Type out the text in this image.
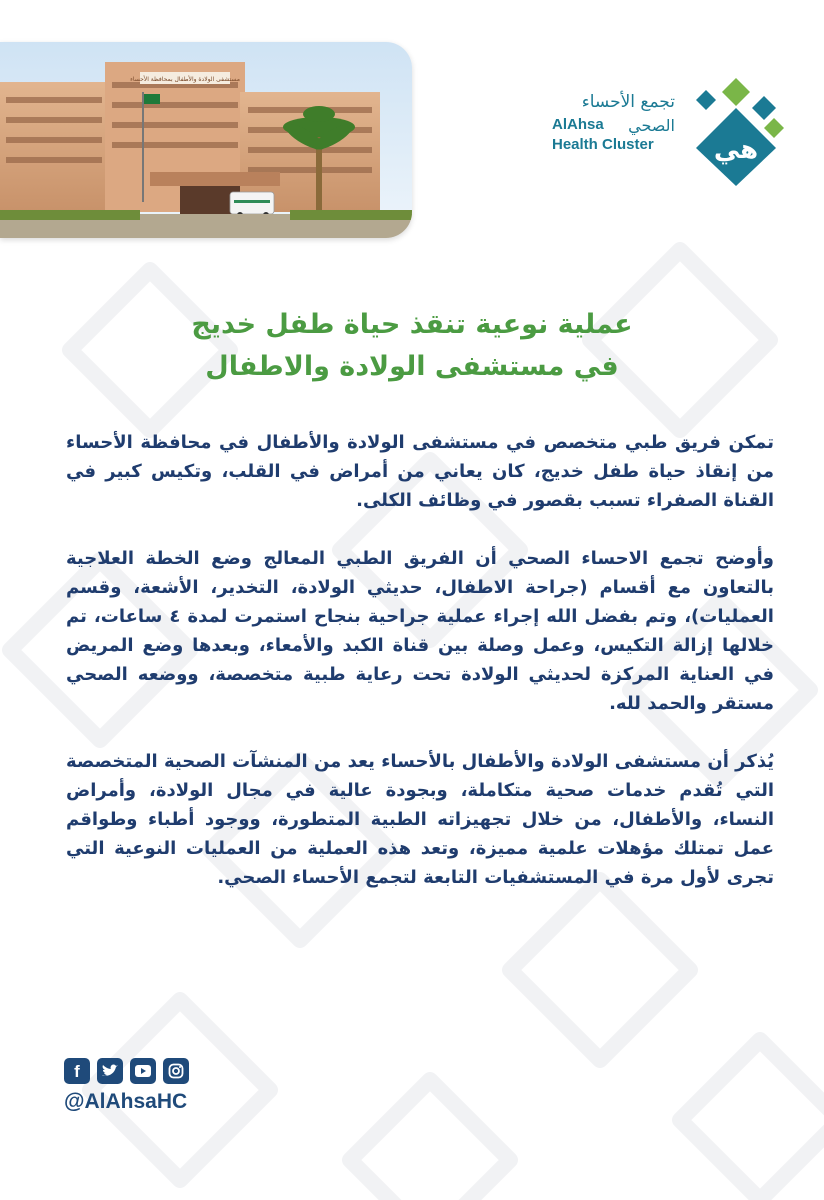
مستشفى الولادة والأطفال بمحافظة الأحساء
تجمع الأحساء
الصحي
AlAhsa
Health Cluster هي
عملية نوعية تنقذ حياة طفل خديج
في مستشفى الولادة والاطفال

تمكن فريق طبي متخصص في مستشفى الولادة والأطفال في محافظة الأحساء من إنقاذ حياة طفل خديج، كان يعاني من أمراض في القلب، وتكيس كبير في القناة الصفراء تسبب بقصور في وظائف الكلى.

وأوضح تجمع الاحساء الصحي أن الفريق الطبي المعالج وضع الخطة العلاجية بالتعاون مع أقسام (جراحة الاطفال، حديثي الولادة، التخدير، الأشعة، وقسم العمليات)، وتم بفضل الله إجراء عملية جراحية بنجاح استمرت لمدة ٤ ساعات، تم خلالها إزالة التكيس، وعمل وصلة بين قناة الكبد والأمعاء، وبعدها وضع المريض في العناية المركزة لحديثي الولادة تحت رعاية طبية متخصصة، ووضعه الصحي مستقر والحمد لله.

يُذكر أن مستشفى الولادة والأطفال بالأحساء يعد من المنشآت الصحية المتخصصة التي تُقدم خدمات صحية متكاملة، وبجودة عالية في مجال الولادة، وأمراض النساء، والأطفال، من خلال تجهيزاته الطبية المتطورة، ووجود أطباء وطواقم عمل تمتلك مؤهلات علمية مميزة، وتعد هذه العملية من العمليات النوعية التي تجرى لأول مرة في المستشفيات التابعة لتجمع الأحساء الصحي.

f
@AlAhsaHC
